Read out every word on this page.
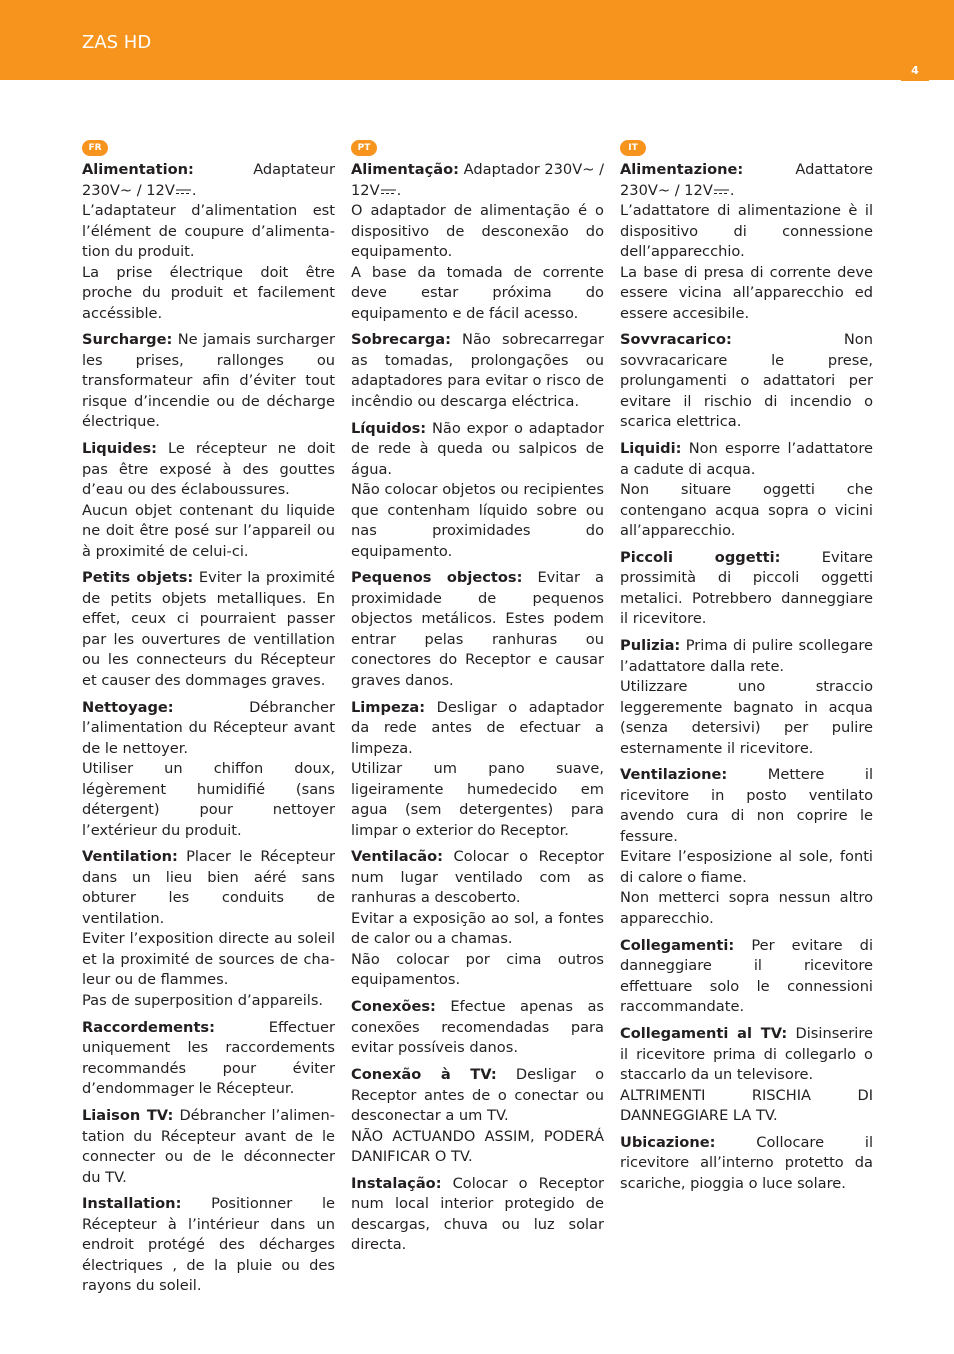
ZAS HD
4
FR

Alimentation:	Adaptateur 230V~ / 12V .

L’adaptateur d’alimentation est l’élément de coupure d’alimentation du produit.

La prise électrique doit être proche du produit et facilement accéssible.

Surcharge: Ne jamais surcharger les prises, rallonges ou transformateur afin d’éviter tout risque d’incendie ou de décharge électrique.

Liquides: Le récepteur ne doit pas être exposé à des gouttes d’eau ou des éclaboussures.

Aucun objet contenant du liquide ne doit être posé sur l’appareil ou à proximité de celui-ci.

Petits objets: Eviter la proximité de petits objets metalliques. En effet, ceux ci pourraient passer par les ouvertures de ventillation ou les connecteurs du Récepteur et causer des dommages graves.

Nettoyage:	Débrancher l’alimentation du Récepteur avant de le nettoyer.

Utiliser un chiffon doux, légèrement humidifié (sans détergent) pour nettoyer l’extérieur du produit.

Ventilation: Placer le Récepteur dans un lieu bien aéré sans obturer les conduits de ventilation.

Eviter l’exposition directe au soleil et la proximité de sources de chaleur ou de flammes.

Pas de superposition d’appareils.

Raccordements:	Effectuer uniquement les raccordements recommandés pour éviter d’endommager le Récepteur.

Liaison TV: Débrancher l’alimentation du Récepteur avant de le connecter ou de le déconnecter du TV.

Installation: Positionner le Récepteur à l’intérieur dans un endroit protégé des décharges électriques , de la pluie ou des rayons du soleil.

PT

Alimentação: Adaptador 230V~ / 12V .

O adaptador de alimentação é o dispositivo de desconexão do equipamento.

A base da tomada de corrente deve estar próxima do equipamento e de fácil acesso.

Sobrecarga: Não sobrecarregar as tomadas, prolongações ou adaptadores para evitar o risco de incêndio ou descarga eléctrica.

Líquidos: Não expor o adaptador de rede à queda ou salpicos de água.

Não colocar objetos ou recipientes que contenham líquido sobre ou nas proximidades do equipamento.

Pequenos objectos: Evitar a proximidade de pequenos objectos metálicos. Estes podem entrar pelas ranhuras ou conectores do Receptor e causar graves danos.

Limpeza: Desligar o adaptador da rede antes de efectuar a limpeza.

Utilizar um pano suave, ligeiramente humedecido em agua (sem detergentes) para limpar o exterior do Receptor.

Ventilacão: Colocar o Receptor num lugar ventilado com as ranhuras a descoberto.

Evitar a exposição ao sol, a fontes de calor ou a chamas.

Não colocar por cima outros equipamentos.

Conexões: Efectue apenas as conexões recomendadas para evitar possíveis danos.

Conexão à TV: Desligar o Receptor antes de o conectar ou desconectar a um TV.

NÃO ACTUANDO ASSIM, PODERÁ DANIFICAR O TV.

Instalação: Colocar o Receptor num local interior protegido de descargas, chuva ou luz solar directa.

IT

Alimentazione:	Adattatore 230V~ / 12V .

L’adattatore di alimentazione è il dispositivo di connessione dell’apparecchio.

La base di presa di corrente deve essere vicina all’apparecchio ed essere accesibile.

Sovvracarico:	Non sovvracaricare le prese, prolungamenti o adattatori per evitare il rischio di incendio o scarica elettrica.

Liquidi: Non esporre l’adattatore a cadute di acqua.

Non situare oggetti che contengano acqua sopra o vicini all’apparecchio.

Piccoli oggetti:	Evitare prossimità di piccoli oggetti metalici. Potrebbero danneggiare il ricevitore.

Pulizia: Prima di pulire scollegare l’adattatore dalla rete.

Utilizzare uno straccio leggeremente bagnato in acqua (senza detersivi) per pulire esternamente il ricevitore.

Ventilazione:	Mettere il ricevitore in posto ventilato avendo cura di non coprire le fessure.

Evitare l’esposizione al sole, fonti di calore o fiame.

Non metterci sopra nessun altro apparecchio.

Collegamenti: Per evitare di danneggiare il ricevitore effettuare solo le connessioni raccommandate.

Collegamenti al TV: Disinserire il ricevitore prima di collegarlo o staccarlo da un televisore.

ALTRIMENTI RISCHIA DI DANNEGGIARE LA TV.

Ubicazione:	Collocare il ricevitore all’interno protetto da scariche, pioggia o luce solare.
